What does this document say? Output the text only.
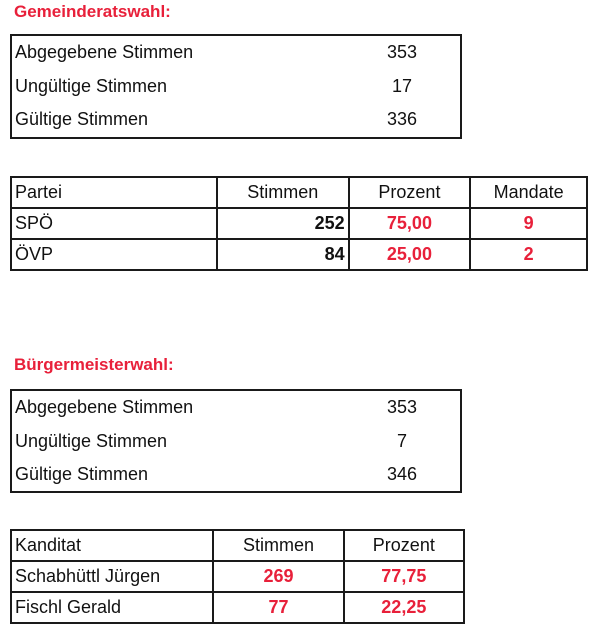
Gemeinderatswahl:
Abgegebene Stimmen	353
Ungültige Stimmen	17
Gültige Stimmen	336
Partei	Stimmen	Prozent	Mandate
SPÖ	252	75,00	9
ÖVP	84	25,00	2
Bürgermeisterwahl:
Abgegebene Stimmen	353
Ungültige Stimmen	7
Gültige Stimmen	346
Kanditat	Stimmen	Prozent
Schabhüttl Jürgen	269	77,75
Fischl Gerald	77	22,25
